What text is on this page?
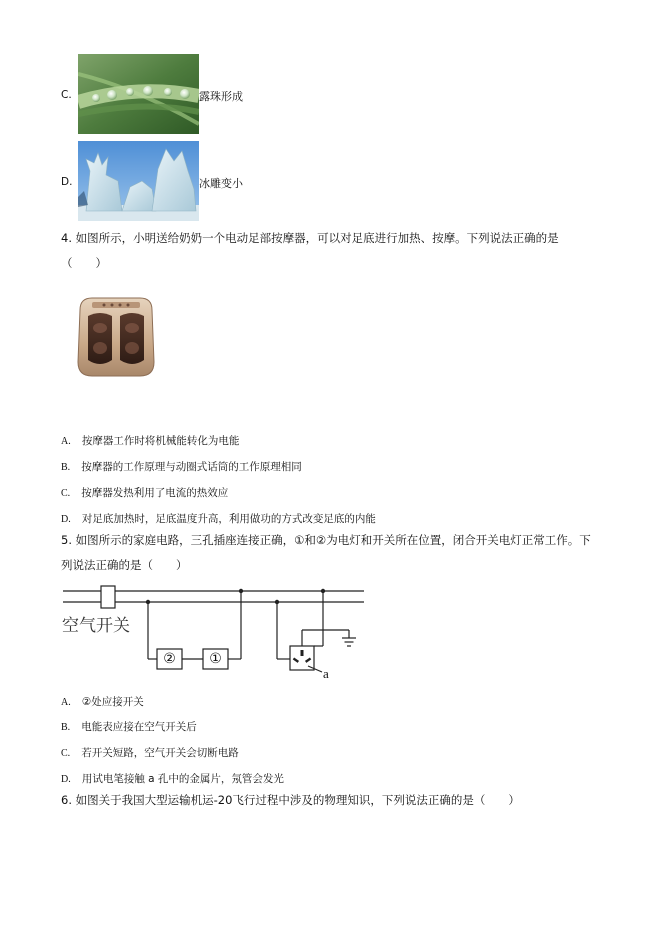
C.	露珠形成
D.	冰雕变小
4. 如图所示，小明送给奶奶一个电动足部按摩器，可以对足底进行加热、按摩。下列说法正确的是
（　　）
A. 按摩器工作时将机械能转化为电能
B. 按摩器的工作原理与动圈式话筒的工作原理相同
C. 按摩器发热利用了电流的热效应
D. 对足底加热时，足底温度升高，利用做功的方式改变足底的内能
5. 如图所示的家庭电路，三孔插座连接正确，①和②为电灯和开关所在位置，闭合开关电灯正常工作。下
列说法正确的是（　　）
空气开关
②	①
a
A. ②处应接开关
B. 电能表应接在空气开关后
C. 若开关短路，空气开关会切断电路
D. 用试电笔接触 a 孔中的金属片，氖管会发光
6. 如图关于我国大型运输机运-20飞行过程中涉及的物理知识，下列说法正确的是（　　）
